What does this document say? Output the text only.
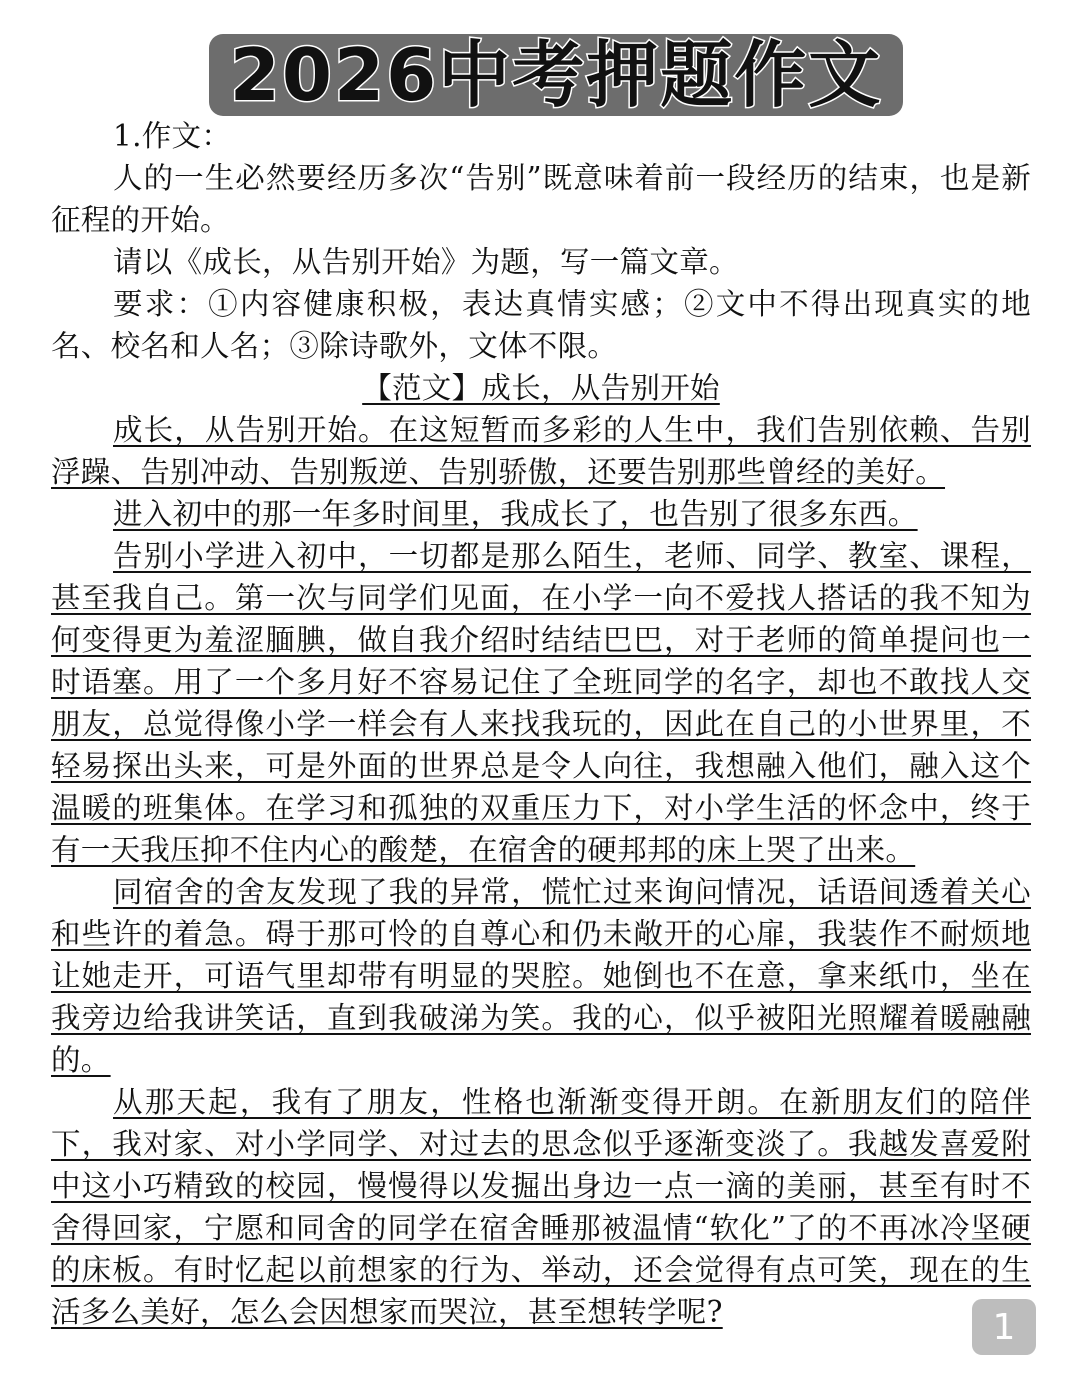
2026中考押题作文

1.作文：

人的一生必然要经历多次“告别”既意味着前一段经历的结束，也是新征程的开始。

请以《成长，从告别开始》为题，写一篇文章。

要求：①内容健康积极，表达真情实感；②文中不得出现真实的地名、校名和人名；③除诗歌外，文体不限。

【范文】成长，从告别开始

成长，从告别开始。在这短暂而多彩的人生中，我们告别依赖、告别浮躁、告别冲动、告别叛逆、告别骄傲，还要告别那些曾经的美好。

进入初中的那一年多时间里，我成长了，也告别了很多东西。

告别小学进入初中，一切都是那么陌生，老师、同学、教室、课程，甚至我自己。第一次与同学们见面，在小学一向不爱找人搭话的我不知为何变得更为羞涩腼腆，做自我介绍时结结巴巴，对于老师的简单提问也一时语塞。用了一个多月好不容易记住了全班同学的名字，却也不敢找人交朋友，总觉得像小学一样会有人来找我玩的，因此在自己的小世界里，不轻易探出头来，可是外面的世界总是令人向往，我想融入他们，融入这个温暖的班集体。在学习和孤独的双重压力下，对小学生活的怀念中，终于有一天我压抑不住内心的酸楚，在宿舍的硬邦邦的床上哭了出来。

同宿舍的舍友发现了我的异常，慌忙过来询问情况，话语间透着关心和些许的着急。碍于那可怜的自尊心和仍未敞开的心扉，我装作不耐烦地让她走开，可语气里却带有明显的哭腔。她倒也不在意，拿来纸巾，坐在我旁边给我讲笑话，直到我破涕为笑。我的心，似乎被阳光照耀着暖融融的。

从那天起，我有了朋友，性格也渐渐变得开朗。在新朋友们的陪伴下，我对家、对小学同学、对过去的思念似乎逐渐变淡了。我越发喜爱附中这小巧精致的校园，慢慢得以发掘出身边一点一滴的美丽，甚至有时不舍得回家，宁愿和同舍的同学在宿舍睡那被温情“软化”了的不再冰冷坚硬的床板。有时忆起以前想家的行为、举动，还会觉得有点可笑，现在的生活多么美好，怎么会因想家而哭泣，甚至想转学呢?	1
